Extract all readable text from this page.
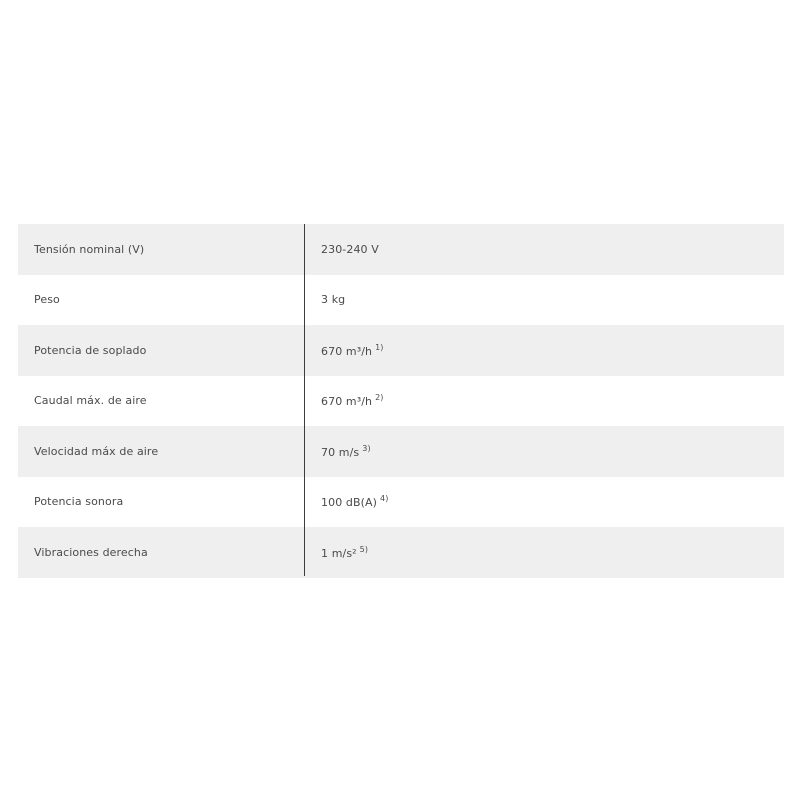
Tensión nominal (V)	230-240 V
Peso	3 kg
Potencia de soplado	670 m³/h $^{1)}$
Caudal máx. de aire	670 m³/h $^{2)}$
Velocidad máx de aire	70 m/s $^{3)}$
Potencia sonora	100 dB(A) $^{4)}$
Vibraciones derecha	1 m/s² $^{5)}$
